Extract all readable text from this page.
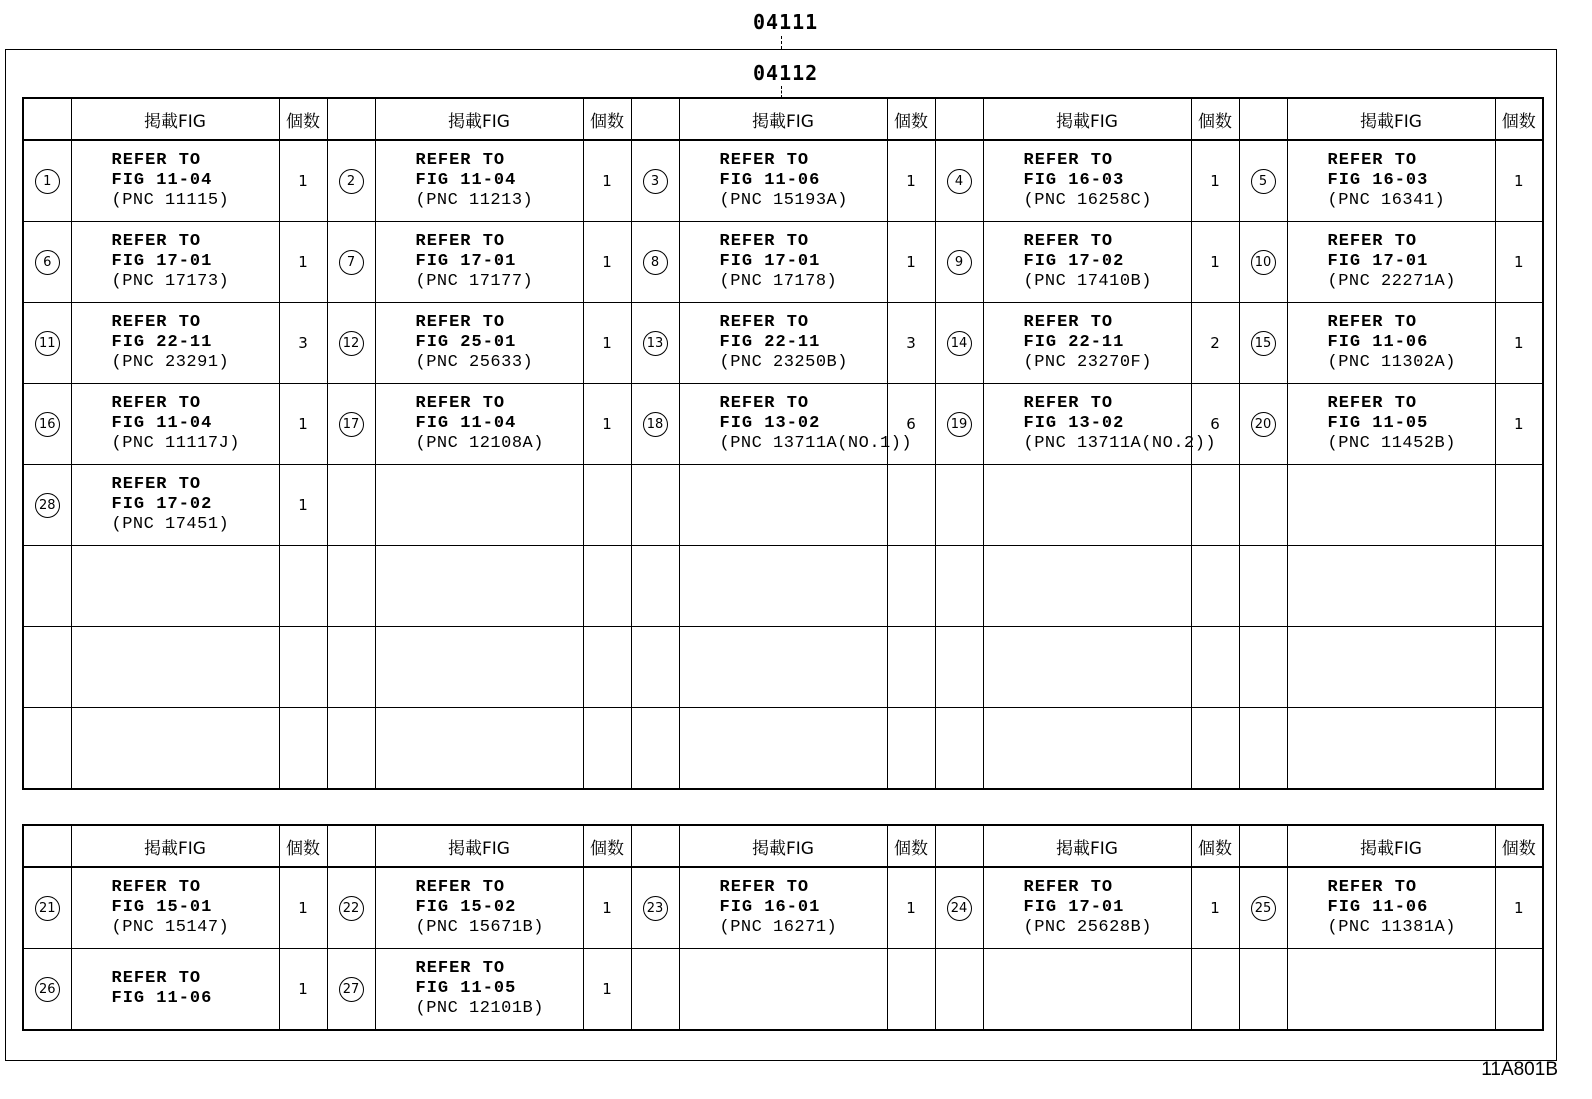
04111
04112
	掲載FIG	個数		掲載FIG	個数		掲載FIG	個数		掲載FIG	個数		掲載FIG	個数
1	REFER TO
FIG 11-04
(PNC 11115)	1	2	REFER TO
FIG 11-04
(PNC 11213)	1	3	REFER TO
FIG 11-06
(PNC 15193A)	1	4	REFER TO
FIG 16-03
(PNC 16258C)	1	5	REFER TO
FIG 16-03
(PNC 16341)	1
6	REFER TO
FIG 17-01
(PNC 17173)	1	7	REFER TO
FIG 17-01
(PNC 17177)	1	8	REFER TO
FIG 17-01
(PNC 17178)	1	9	REFER TO
FIG 17-02
(PNC 17410B)	1	10	REFER TO
FIG 17-01
(PNC 22271A)	1
11	REFER TO
FIG 22-11
(PNC 23291)	3	12	REFER TO
FIG 25-01
(PNC 25633)	1	13	REFER TO
FIG 22-11
(PNC 23250B)	3	14	REFER TO
FIG 22-11
(PNC 23270F)	2	15	REFER TO
FIG 11-06
(PNC 11302A)	1
16	REFER TO
FIG 11-04
(PNC 11117J)	1	17	REFER TO
FIG 11-04
(PNC 12108A)	1	18	REFER TO
FIG 13-02
(PNC 13711A(NO.1))	6	19	REFER TO
FIG 13-02
(PNC 13711A(NO.2))	6	20	REFER TO
FIG 11-05
(PNC 11452B)	1
28	REFER TO
FIG 17-02
(PNC 17451)	1												

	掲載FIG	個数		掲載FIG	個数		掲載FIG	個数		掲載FIG	個数		掲載FIG	個数
21	REFER TO
FIG 15-01
(PNC 15147)	1	22	REFER TO
FIG 15-02
(PNC 15671B)	1	23	REFER TO
FIG 16-01
(PNC 16271)	1	24	REFER TO
FIG 17-01
(PNC 25628B)	1	25	REFER TO
FIG 11-06
(PNC 11381A)	1
26	REFER TO
FIG 11-06	1	27	REFER TO
FIG 11-05
(PNC 12101B)	1									
11A801B
